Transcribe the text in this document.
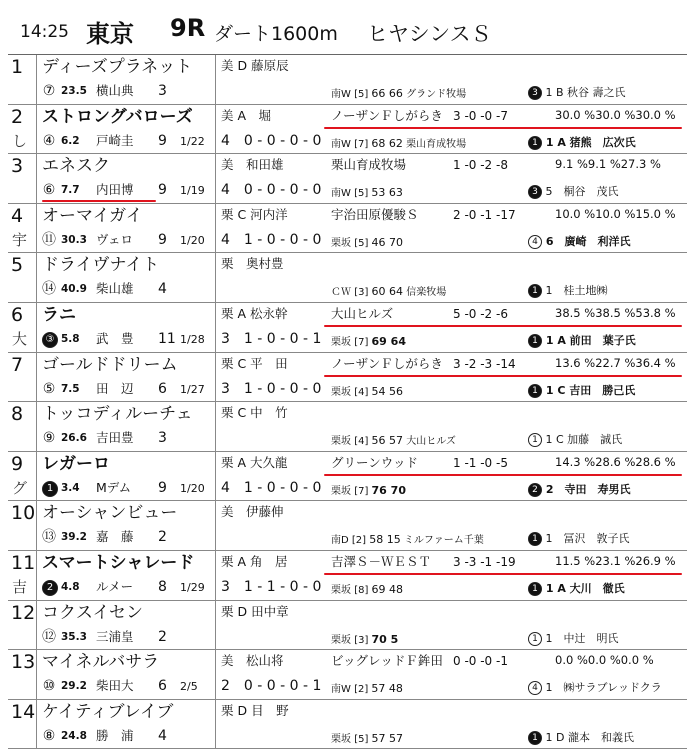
14:25 東京 9R ダート1600m ヒヤシンスＳ
1 ディーズプラネット
⑦ 23.5 横山典 3
美 D 藤原辰
南W [5] 66 66 グランド牧場	3 1 B 秋谷 壽之氏
2 ストロングバローズ
し ④ 6.2 戸崎圭 9 1/22
美 A　堀	ノーザンＦしがらき 3 -0 -0 -7	30.0 %30.0 %30.0 %
4　0 - 0 - 0 - 0 南W [7] 68 62 栗山育成牧場	1 1 A 猪熊　広次氏
3 エネスク
⑥ 7.7 内田博 9 1/19
美　和田雄	栗山育成牧場	1 -0 -2 -8	9.1 %9.1 %27.3 %
4　0 - 0 - 0 - 0 南W [5] 53 63	3 5　桐谷　茂氏
4 オーマイガイ
宇 ⑪ 30.3 ヴェロ 9 1/20
栗 C 河内洋	宇治田原優駿Ｓ	2 -0 -1 -17	10.0 %10.0 %15.0 %
4　1 - 0 - 0 - 0 栗坂 [5] 46 70	4 6　廣崎　利洋氏
5 ドライヴナイト
⑭ 40.9 柴山雄 4
栗　奥村豊
ＣＷ [3] 60 64 信楽牧場	1 1　桂土地㈱
6 ラニ
大	③ 5.8 武　豊 11 1/28
栗 A 松永幹	大山ヒルズ	5 -0 -2 -6	38.5 %38.5 %53.8 %
3　1 - 0 - 0 - 1 栗坂 [7] 69 64	1 1 A 前田　葉子氏
7 ゴールドドリーム
⑤ 7.5 田　辺 6 1/27
栗 C 平　田	ノーザンＦしがらき 3 -2 -3 -14	13.6 %22.7 %36.4 %
3　1 - 0 - 0 - 0 栗坂 [4] 54 56	1 1 C 吉田　勝己氏
8 トッコディルーチェ
⑨ 26.6 吉田豊 3
栗 C 中　竹
栗坂 [4] 56 57 大山ヒルズ	1 1 C 加藤　誠氏
9 レガーロ
グ	1 3.4 Mデム 9 1/20
栗 A 大久龍	グリーンウッド	1 -1 -0 -5	14.3 %28.6 %28.6 %
4　1 - 0 - 0 - 0 栗坂 [7] 76 70	2 2　寺田　寿男氏
10 オーシャンビュー
⑬ 39.2 嘉　藤 2
美　伊藤伸
南D [2] 58 15 ミルファーム千葉	1 1　冨沢　敦子氏
11 スマートシャレード
吉	2 4.8 ルメー 8 1/29
栗 A 角　居	吉澤Ｓ－ＷＥＳＴ 3 -3 -1 -19	11.5 %23.1 %26.9 %
3　1 - 1 - 0 - 0 栗坂 [8] 69 48	1 1 A 大川　徹氏
12 コクスイセン
⑫ 35.3 三浦皇 2
栗 D 田中章
栗坂 [3] 70 5	1 1　中辻　明氏
13 マイネルバサラ
⑩ 29.2 柴田大 6 2/5
美　松山将	ビッグレッドＦ鉾田 0 -0 -0 -1	0.0 %0.0 %0.0 %
2　0 - 0 - 0 - 1 南W [2] 57 48	4 1　㈱サラブレッドクラ
14 ケイティブレイブ
⑧ 24.8 勝　浦 4
栗 D 目　野
栗坂 [5] 57 57	1 1 D 瀧本　和義氏
